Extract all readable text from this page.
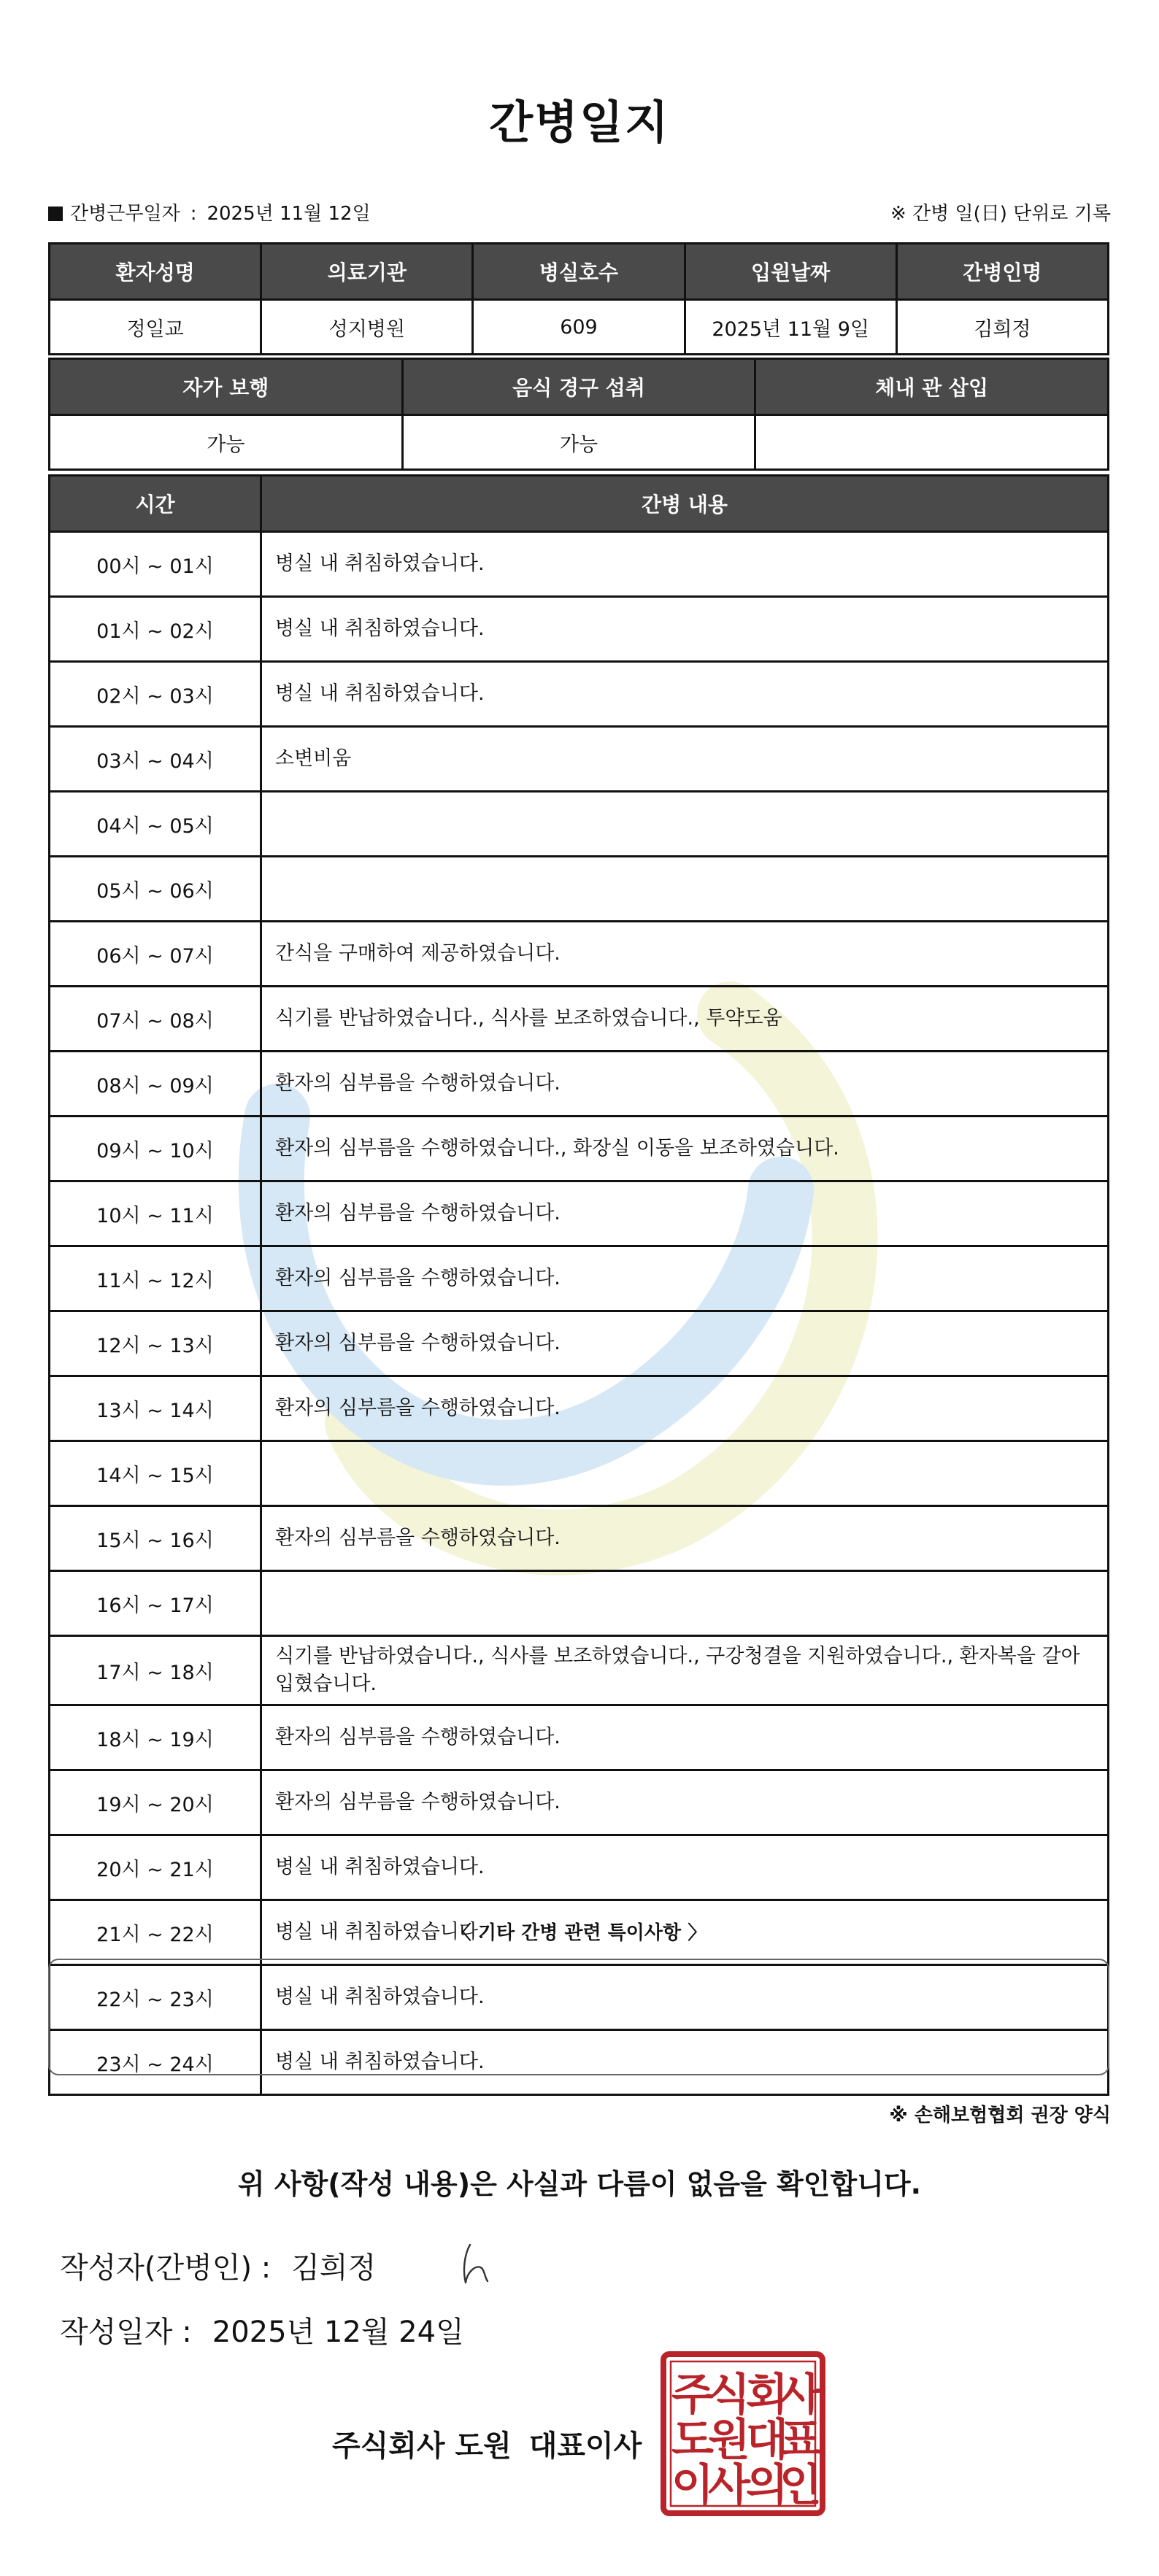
간병일지
간병근무일자 : 2025년 11월 12일	※ 간병 일(日) 단위로 기록
환자성명	의료기관	병실호수	입원날짜	간병인명
정일교	성지병원	609	2025년 11월 9일	김희정
자가 보행	음식 경구 섭취	체내 관 삽입
가능	가능	
시간	간병 내용
00시 ~ 01시	병실 내 취침하였습니다.
01시 ~ 02시	병실 내 취침하였습니다.
02시 ~ 03시	병실 내 취침하였습니다.
03시 ~ 04시	소변비움
04시 ~ 05시	
05시 ~ 06시	
06시 ~ 07시	간식을 구매하여 제공하였습니다.
07시 ~ 08시	식기를 반납하였습니다., 식사를 보조하였습니다., 투약도움
08시 ~ 09시	환자의 심부름을 수행하였습니다.
09시 ~ 10시	환자의 심부름을 수행하였습니다., 화장실 이동을 보조하였습니다.
10시 ~ 11시	환자의 심부름을 수행하였습니다.
11시 ~ 12시	환자의 심부름을 수행하였습니다.
12시 ~ 13시	환자의 심부름을 수행하였습니다.
13시 ~ 14시	환자의 심부름을 수행하였습니다.
14시 ~ 15시	
15시 ~ 16시	환자의 심부름을 수행하였습니다.
16시 ~ 17시	
17시 ~ 18시	식기를 반납하였습니다., 식사를 보조하였습니다., 구강청결을 지원하였습니다., 환자복을 갈아입혔습니다.
18시 ~ 19시	환자의 심부름을 수행하였습니다.
19시 ~ 20시	환자의 심부름을 수행하였습니다.
20시 ~ 21시	병실 내 취침하였습니다.
21시 ~ 22시	병실 내 취침하였습니다.
22시 ~ 23시	병실 내 취침하였습니다.
23시 ~ 24시	병실 내 취침하였습니다.
〈 기타 간병 관련 특이사항 〉
※ 손해보험협회 권장 양식
위 사항(작성 내용)은 사실과 다름이 없음을 확인합니다.
작성자(간병인) : 김희정
작성일자 : 2025년 12월 24일
주식회사 도원 대표이사
주
식
회
사
도
원
대
표
이
사
의
인
